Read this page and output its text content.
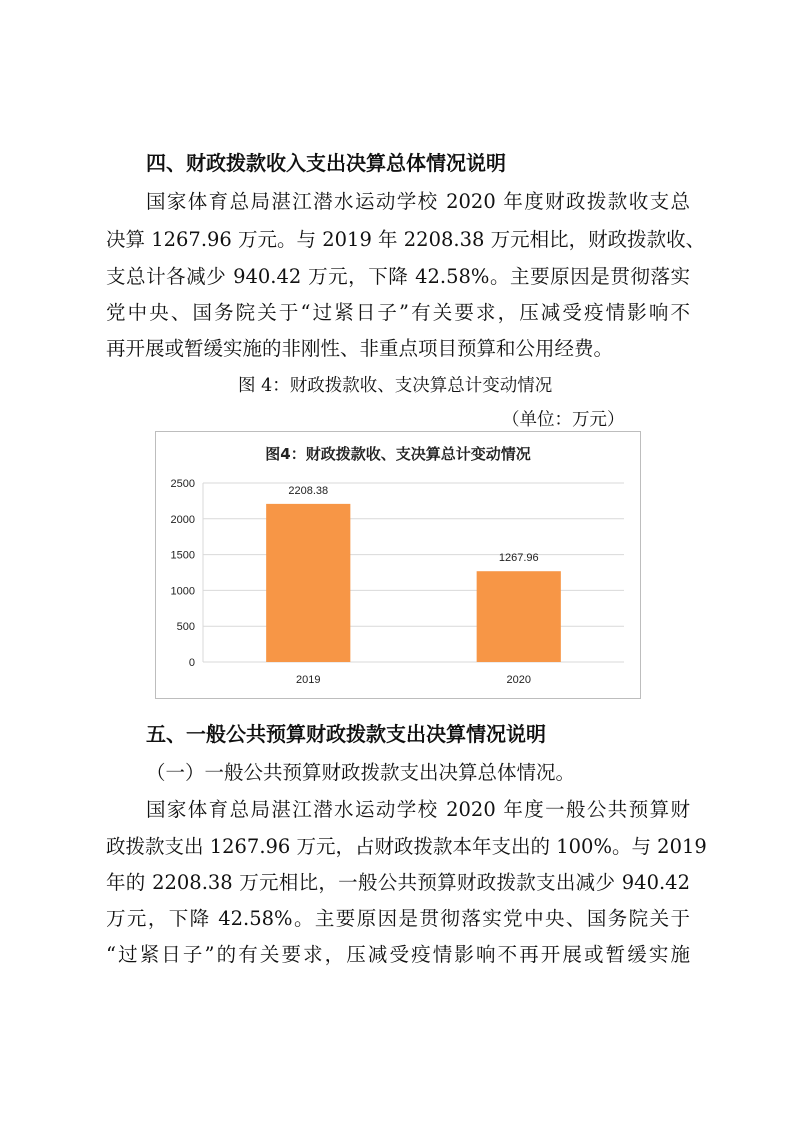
四、财政拨款收入支出决算总体情况说明
国家体育总局湛江潜水运动学校 2020 年度财政拨款收支总
决算 1267.96 万元。与 2019 年 2208.38 万元相比，财政拨款收、
支总计各减少 940.42 万元，下降 42.58%。主要原因是贯彻落实
党中央、国务院关于“过紧日子”有关要求，压减受疫情影响不
再开展或暂缓实施的非刚性、非重点项目预算和公用经费。
图 4：财政拨款收、支决算总计变动情况
（单位：万元）
图4：财政拨款收、支决算总计变动情况
0
500
1000
1500
2000
2500
2208.38
2019
1267.96
2020
五、一般公共预算财政拨款支出决算情况说明
（一）一般公共预算财政拨款支出决算总体情况。
国家体育总局湛江潜水运动学校 2020 年度一般公共预算财
政拨款支出 1267.96 万元，占财政拨款本年支出的 100%。与 2019
年的 2208.38 万元相比，一般公共预算财政拨款支出减少 940.42
万元，下降 42.58%。主要原因是贯彻落实党中央、国务院关于
“过紧日子”的有关要求，压减受疫情影响不再开展或暂缓实施
